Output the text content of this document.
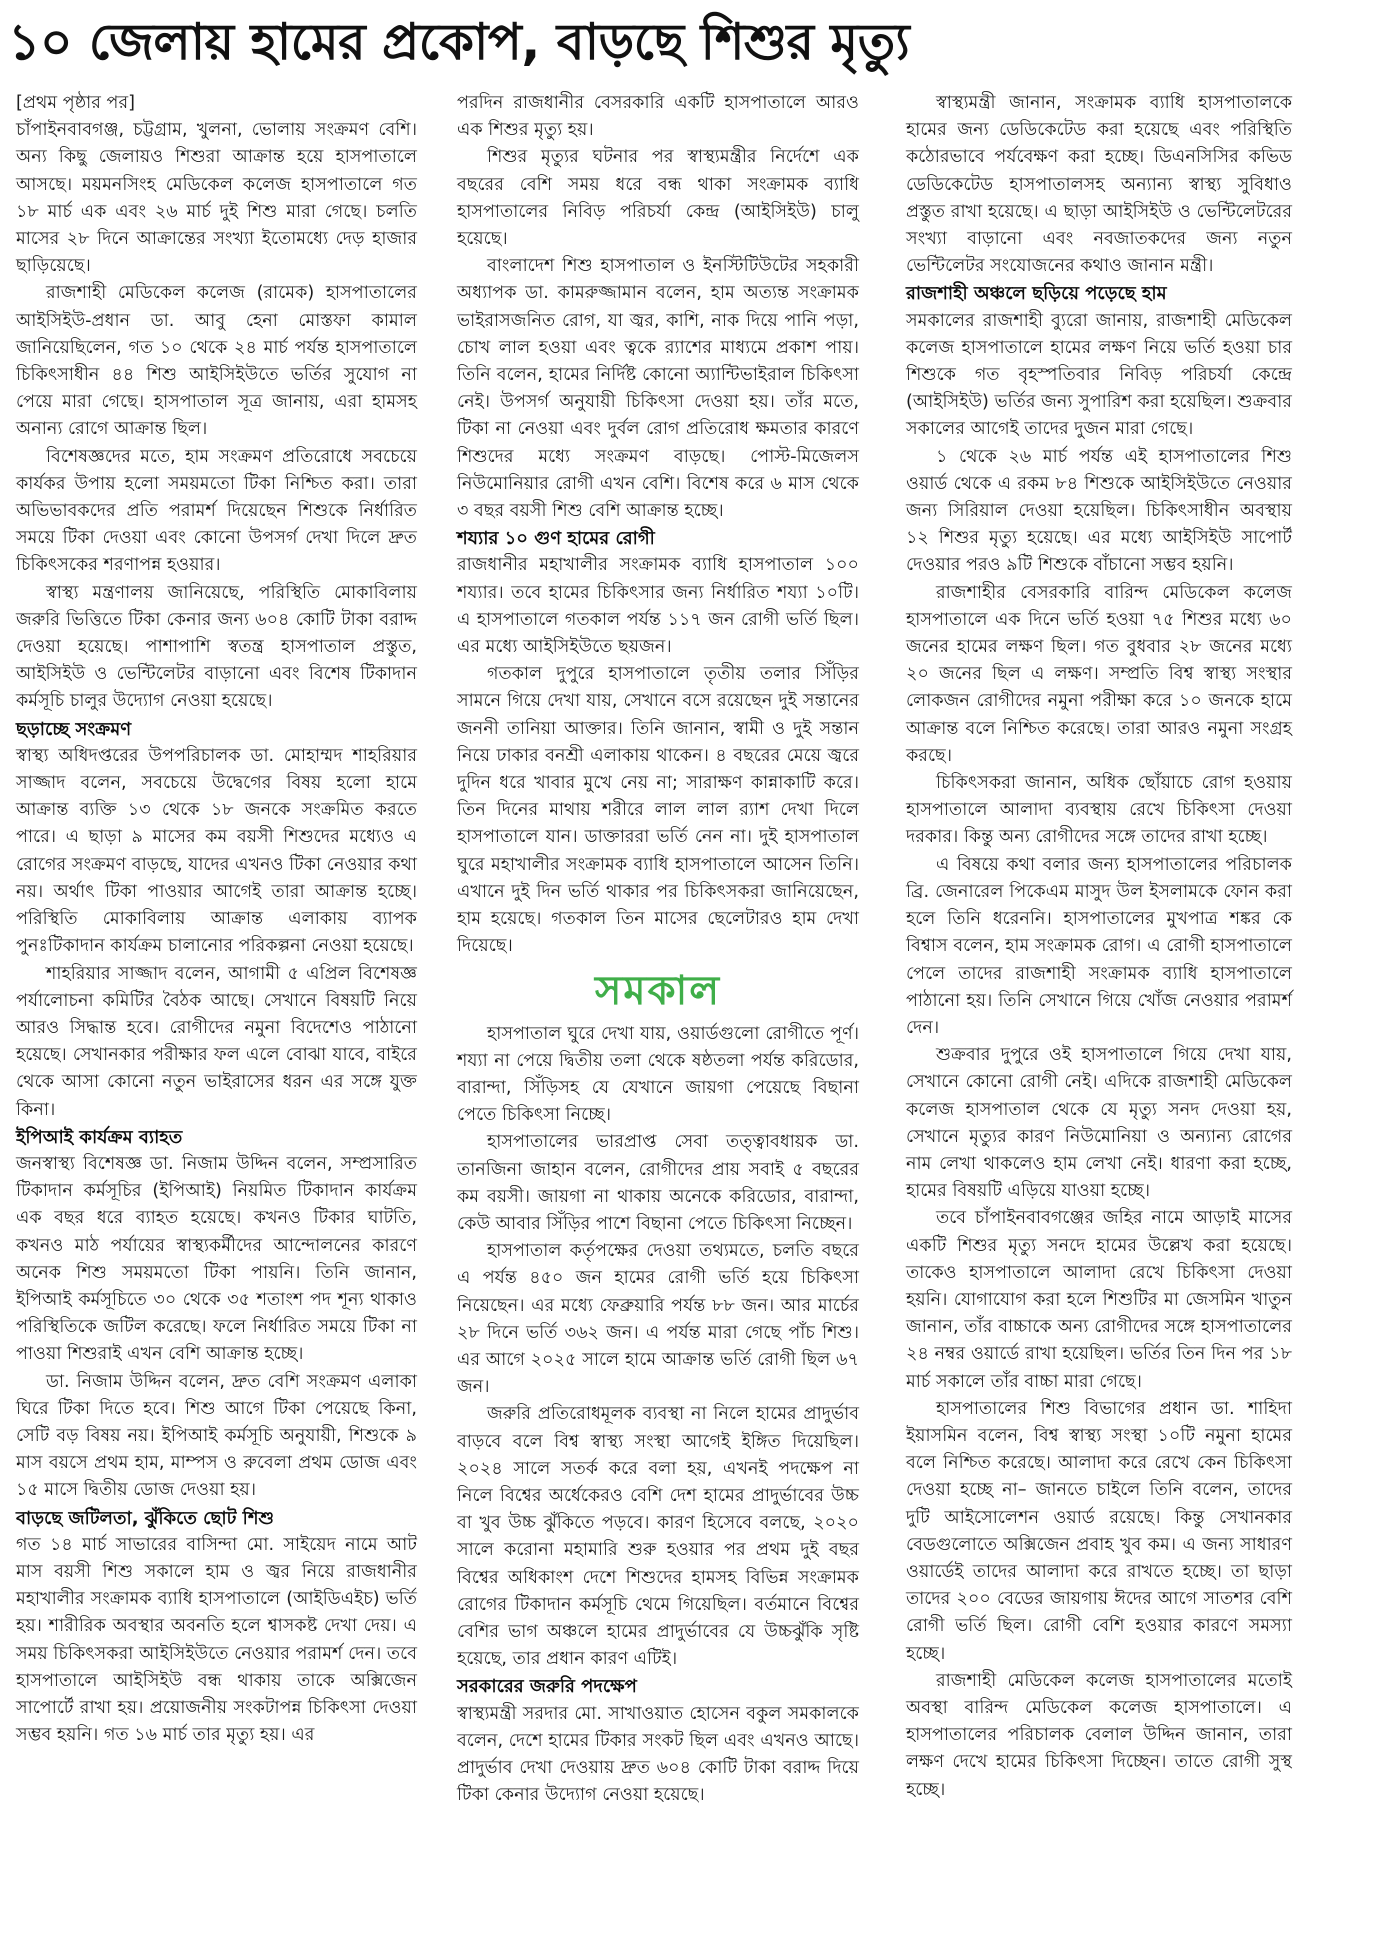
১০ জেলায় হামের প্রকোপ, বাড়ছে শিশুর মৃত্যু

[প্রথম পৃষ্ঠার পর]

চাঁপাইনবাবগঞ্জ, চট্টগ্রাম, খুলনা, ভোলায় সংক্রমণ বেশি। অন্য কিছু জেলায়ও শিশুরা আক্রান্ত হয়ে হাসপাতালে আসছে। ময়মনসিংহ মেডিকেল কলেজ হাসপাতালে গত ১৮ মার্চ এক এবং ২৬ মার্চ দুই শিশু মারা গেছে। চলতি মাসের ২৮ দিনে আক্রান্তের সংখ্যা ইতোমধ্যে দেড় হাজার ছাড়িয়েছে।

রাজশাহী মেডিকেল কলেজ (রামেক) হাসপাতালের আইসিইউ-প্রধান ডা. আবু হেনা মোস্তফা কামাল জানিয়েছিলেন, গত ১০ থেকে ২৪ মার্চ পর্যন্ত হাসপাতালে চিকিৎসাধীন ৪৪ শিশু আইসিইউতে ভর্তির সুযোগ না পেয়ে মারা গেছে। হাসপাতাল সূত্র জানায়, এরা হামসহ অনান্য রোগে আক্রান্ত ছিল।

বিশেষজ্ঞদের মতে, হাম সংক্রমণ প্রতিরোধে সবচেয়ে কার্যকর উপায় হলো সময়মতো টিকা নিশ্চিত করা। তারা অভিভাবকদের প্রতি পরামর্শ দিয়েছেন শিশুকে নির্ধারিত সময়ে টিকা দেওয়া এবং কোনো উপসর্গ দেখা দিলে দ্রুত চিকিৎসকের শরণাপন্ন হওয়ার।

স্বাস্থ্য মন্ত্রণালয় জানিয়েছে, পরিস্থিতি মোকাবিলায় জরুরি ভিত্তিতে টিকা কেনার জন্য ৬০৪ কোটি টাকা বরাদ্দ দেওয়া হয়েছে। পাশাপাশি স্বতন্ত্র হাসপাতাল প্রস্তুত, আইসিইউ ও ভেন্টিলেটর বাড়ানো এবং বিশেষ টিকাদান কর্মসূচি চালুর উদ্যোগ নেওয়া হয়েছে।

ছড়াচ্ছে সংক্রমণ

স্বাস্থ্য অধিদপ্তরের উপপরিচালক ডা. মোহাম্মদ শাহরিয়ার সাজ্জাদ বলেন, সবচেয়ে উদ্বেগের বিষয় হলো হামে আক্রান্ত ব্যক্তি ১৩ থেকে ১৮ জনকে সংক্রমিত করতে পারে। এ ছাড়া ৯ মাসের কম বয়সী শিশুদের মধ্যেও এ রোগের সংক্রমণ বাড়ছে, যাদের এখনও টিকা নেওয়ার কথা নয়। অর্থাৎ টিকা পাওয়ার আগেই তারা আক্রান্ত হচ্ছে। পরিস্থিতি মোকাবিলায় আক্রান্ত এলাকায় ব্যাপক পুনঃটিকাদান কার্যক্রম চালানোর পরিকল্পনা নেওয়া হয়েছে।

শাহরিয়ার সাজ্জাদ বলেন, আগামী ৫ এপ্রিল বিশেষজ্ঞ পর্যালোচনা কমিটির বৈঠক আছে। সেখানে বিষয়টি নিয়ে আরও সিদ্ধান্ত হবে। রোগীদের নমুনা বিদেশেও পাঠানো হয়েছে। সেখানকার পরীক্ষার ফল এলে বোঝা যাবে, বাইরে থেকে আসা কোনো নতুন ভাইরাসের ধরন এর সঙ্গে যুক্ত কিনা।

ইপিআই কার্যক্রম ব্যাহত

জনস্বাস্থ্য বিশেষজ্ঞ ডা. নিজাম উদ্দিন বলেন, সম্প্রসারিত টিকাদান কর্মসূচির (ইপিআই) নিয়মিত টিকাদান কার্যক্রম এক বছর ধরে ব্যাহত হয়েছে। কখনও টিকার ঘাটতি, কখনও মাঠ পর্যায়ের স্বাস্থ্যকর্মীদের আন্দোলনের কারণে অনেক শিশু সময়মতো টিকা পায়নি। তিনি জানান, ইপিআই কর্মসূচিতে ৩০ থেকে ৩৫ শতাংশ পদ শূন্য থাকাও পরিস্থিতিকে জটিল করেছে। ফলে নির্ধারিত সময়ে টিকা না পাওয়া শিশুরাই এখন বেশি আক্রান্ত হচ্ছে।

ডা. নিজাম উদ্দিন বলেন, দ্রুত বেশি সংক্রমণ এলাকা ঘিরে টিকা দিতে হবে। শিশু আগে টিকা পেয়েছে কিনা, সেটি বড় বিষয় নয়। ইপিআই কর্মসূচি অনুযায়ী, শিশুকে ৯ মাস বয়সে প্রথম হাম, মাম্পস ও রুবেলা প্রথম ডোজ এবং ১৫ মাসে দ্বিতীয় ডোজ দেওয়া হয়।

বাড়ছে জটিলতা, ঝুঁকিতে ছোট শিশু

গত ১৪ মার্চ সাভারের বাসিন্দা মো. সাইয়েদ নামে আট মাস বয়সী শিশু সকালে হাম ও জ্বর নিয়ে রাজধানীর মহাখালীর সংক্রামক ব্যাধি হাসপাতালে (আইডিএইচ) ভর্তি হয়। শারীরিক অবস্থার অবনতি হলে শ্বাসকষ্ট দেখা দেয়। এ সময় চিকিৎসকরা আইসিইউতে নেওয়ার পরামর্শ দেন। তবে হাসপাতালে আইসিইউ বন্ধ থাকায় তাকে অক্সিজেন সাপোর্টে রাখা হয়। প্রয়োজনীয় সংকটাপন্ন চিকিৎসা দেওয়া সম্ভব হয়নি। গত ১৬ মার্চ তার মৃত্যু হয়। এর

পরদিন রাজধানীর বেসরকারি একটি হাসপাতালে আরও এক শিশুর মৃত্যু হয়।

শিশুর মৃত্যুর ঘটনার পর স্বাস্থ্যমন্ত্রীর নির্দেশে এক বছরের বেশি সময় ধরে বন্ধ থাকা সংক্রামক ব্যাধি হাসপাতালের নিবিড় পরিচর্যা কেন্দ্র (আইসিইউ) চালু হয়েছে।

বাংলাদেশ শিশু হাসপাতাল ও ইনস্টিটিউটের সহকারী অধ্যাপক ডা. কামরুজ্জামান বলেন, হাম অত্যন্ত সংক্রামক ভাইরাসজনিত রোগ, যা জ্বর, কাশি, নাক দিয়ে পানি পড়া, চোখ লাল হওয়া এবং ত্বকে র‍্যাশের মাধ্যমে প্রকাশ পায়। তিনি বলেন, হামের নির্দিষ্ট কোনো অ্যান্টিভাইরাল চিকিৎসা নেই। উপসর্গ অনুযায়ী চিকিৎসা দেওয়া হয়। তাঁর মতে, টিকা না নেওয়া এবং দুর্বল রোগ প্রতিরোধ ক্ষমতার কারণে শিশুদের মধ্যে সংক্রমণ বাড়ছে। পোস্ট-মিজেলস নিউমোনিয়ার রোগী এখন বেশি। বিশেষ করে ৬ মাস থেকে ৩ বছর বয়সী শিশু বেশি আক্রান্ত হচ্ছে।

শয্যার ১০ গুণ হামের রোগী

রাজধানীর মহাখালীর সংক্রামক ব্যাধি হাসপাতাল ১০০ শয্যার। তবে হামের চিকিৎসার জন্য নির্ধারিত শয্যা ১০টি। এ হাসপাতালে গতকাল পর্যন্ত ১১৭ জন রোগী ভর্তি ছিল। এর মধ্যে আইসিইউতে ছয়জন।

গতকাল দুপুরে হাসপাতালে তৃতীয় তলার সিঁড়ির সামনে গিয়ে দেখা যায়, সেখানে বসে রয়েছেন দুই সন্তানের জননী তানিয়া আক্তার। তিনি জানান, স্বামী ও দুই সন্তান নিয়ে ঢাকার বনশ্রী এলাকায় থাকেন। ৪ বছরের মেয়ে জ্বরে দুদিন ধরে খাবার মুখে নেয় না; সারাক্ষণ কান্নাকাটি করে। তিন দিনের মাথায় শরীরে লাল লাল র‍্যাশ দেখা দিলে হাসপাতালে যান। ডাক্তাররা ভর্তি নেন না। দুই হাসপাতাল ঘুরে মহাখালীর সংক্রামক ব্যাধি হাসপাতালে আসেন তিনি। এখানে দুই দিন ভর্তি থাকার পর চিকিৎসকরা জানিয়েছেন, হাম হয়েছে। গতকাল তিন মাসের ছেলেটারও হাম দেখা দিয়েছে।

সমকাল

হাসপাতাল ঘুরে দেখা যায়, ওয়ার্ডগুলো রোগীতে পূর্ণ। শয্যা না পেয়ে দ্বিতীয় তলা থেকে ষষ্ঠতলা পর্যন্ত করিডোর, বারান্দা, সিঁড়িসহ যে যেখানে জায়গা পেয়েছে বিছানা পেতে চিকিৎসা নিচ্ছে।

হাসপাতালের ভারপ্রাপ্ত সেবা তত্ত্বাবধায়ক ডা. তানজিনা জাহান বলেন, রোগীদের প্রায় সবাই ৫ বছরের কম বয়সী। জায়গা না থাকায় অনেকে করিডোর, বারান্দা, কেউ আবার সিঁড়ির পাশে বিছানা পেতে চিকিৎসা নিচ্ছেন।

হাসপাতাল কর্তৃপক্ষের দেওয়া তথ্যমতে, চলতি বছরে এ পর্যন্ত ৪৫০ জন হামের রোগী ভর্তি হয়ে চিকিৎসা নিয়েছেন। এর মধ্যে ফেব্রুয়ারি পর্যন্ত ৮৮ জন। আর মার্চের ২৮ দিনে ভর্তি ৩৬২ জন। এ পর্যন্ত মারা গেছে পাঁচ শিশু। এর আগে ২০২৫ সালে হামে আক্রান্ত ভর্তি রোগী ছিল ৬৭ জন।

জরুরি প্রতিরোধমূলক ব্যবস্থা না নিলে হামের প্রাদুর্ভাব বাড়বে বলে বিশ্ব স্বাস্থ্য সংস্থা আগেই ইঙ্গিত দিয়েছিল। ২০২৪ সালে সতর্ক করে বলা হয়, এখনই পদক্ষেপ না নিলে বিশ্বের অর্ধেকেরও বেশি দেশ হামের প্রাদুর্ভাবের উচ্চ বা খুব উচ্চ ঝুঁকিতে পড়বে। কারণ হিসেবে বলছে, ২০২০ সালে করোনা মহামারি শুরু হওয়ার পর প্রথম দুই বছর বিশ্বের অধিকাংশ দেশে শিশুদের হামসহ বিভিন্ন সংক্রামক রোগের টিকাদান কর্মসূচি থেমে গিয়েছিল। বর্তমানে বিশ্বের বেশির ভাগ অঞ্চলে হামের প্রাদুর্ভাবের যে উচ্চঝুঁকি সৃষ্টি হয়েছে, তার প্রধান কারণ এটিই।

সরকারের জরুরি পদক্ষেপ

স্বাস্থ্যমন্ত্রী সরদার মো. সাখাওয়াত হোসেন বকুল সমকালকে বলেন, দেশে হামের টিকার সংকট ছিল এবং এখনও আছে। প্রাদুর্ভাব দেখা দেওয়ায় দ্রুত ৬০৪ কোটি টাকা বরাদ্দ দিয়ে টিকা কেনার উদ্যোগ নেওয়া হয়েছে।

স্বাস্থ্যমন্ত্রী জানান, সংক্রামক ব্যাধি হাসপাতালকে হামের জন্য ডেডিকেটেড করা হয়েছে এবং পরিস্থিতি কঠোরভাবে পর্যবেক্ষণ করা হচ্ছে। ডিএনসিসির কভিড ডেডিকেটেড হাসপাতালসহ অন্যান্য স্বাস্থ্য সুবিধাও প্রস্তুত রাখা হয়েছে। এ ছাড়া আইসিইউ ও ভেন্টিলেটরের সংখ্যা বাড়ানো এবং নবজাতকদের জন্য নতুন ভেন্টিলেটর সংযোজনের কথাও জানান মন্ত্রী।

রাজশাহী অঞ্চলে ছড়িয়ে পড়েছে হাম

সমকালের রাজশাহী ব্যুরো জানায়, রাজশাহী মেডিকেল কলেজ হাসপাতালে হামের লক্ষণ নিয়ে ভর্তি হওয়া চার শিশুকে গত বৃহস্পতিবার নিবিড় পরিচর্যা কেন্দ্রে (আইসিইউ) ভর্তির জন্য সুপারিশ করা হয়েছিল। শুক্রবার সকালের আগেই তাদের দুজন মারা গেছে।

১ থেকে ২৬ মার্চ পর্যন্ত এই হাসপাতালের শিশু ওয়ার্ড থেকে এ রকম ৮৪ শিশুকে আইসিইউতে নেওয়ার জন্য সিরিয়াল দেওয়া হয়েছিল। চিকিৎসাধীন অবস্থায় ১২ শিশুর মৃত্যু হয়েছে। এর মধ্যে আইসিইউ সাপোর্ট দেওয়ার পরও ৯টি শিশুকে বাঁচানো সম্ভব হয়নি।

রাজশাহীর বেসরকারি বারিন্দ মেডিকেল কলেজ হাসপাতালে এক দিনে ভর্তি হওয়া ৭৫ শিশুর মধ্যে ৬০ জনের হামের লক্ষণ ছিল। গত বুধবার ২৮ জনের মধ্যে ২০ জনের ছিল এ লক্ষণ। সম্প্রতি বিশ্ব স্বাস্থ্য সংস্থার লোকজন রোগীদের নমুনা পরীক্ষা করে ১০ জনকে হামে আক্রান্ত বলে নিশ্চিত করেছে। তারা আরও নমুনা সংগ্রহ করছে।

চিকিৎসকরা জানান, অধিক ছোঁয়াচে রোগ হওয়ায় হাসপাতালে আলাদা ব্যবস্থায় রেখে চিকিৎসা দেওয়া দরকার। কিন্তু অন্য রোগীদের সঙ্গে তাদের রাখা হচ্ছে।

এ বিষয়ে কথা বলার জন্য হাসপাতালের পরিচালক ব্রি. জেনারেল পিকেএম মাসুদ উল ইসলামকে ফোন করা হলে তিনি ধরেননি। হাসপাতালের মুখপাত্র শঙ্কর কে বিশ্বাস বলেন, হাম সংক্রামক রোগ। এ রোগী হাসপাতালে পেলে তাদের রাজশাহী সংক্রামক ব্যাধি হাসপাতালে পাঠানো হয়। তিনি সেখানে গিয়ে খোঁজ নেওয়ার পরামর্শ দেন।

শুক্রবার দুপুরে ওই হাসপাতালে গিয়ে দেখা যায়, সেখানে কোনো রোগী নেই। এদিকে রাজশাহী মেডিকেল কলেজ হাসপাতাল থেকে যে মৃত্যু সনদ দেওয়া হয়, সেখানে মৃত্যুর কারণ নিউমোনিয়া ও অন্যান্য রোগের নাম লেখা থাকলেও হাম লেখা নেই। ধারণা করা হচ্ছে, হামের বিষয়টি এড়িয়ে যাওয়া হচ্ছে।

তবে চাঁপাইনবাবগঞ্জের জহির নামে আড়াই মাসের একটি শিশুর মৃত্যু সনদে হামের উল্লেখ করা হয়েছে। তাকেও হাসপাতালে আলাদা রেখে চিকিৎসা দেওয়া হয়নি। যোগাযোগ করা হলে শিশুটির মা জেসমিন খাতুন জানান, তাঁর বাচ্চাকে অন্য রোগীদের সঙ্গে হাসপাতালের ২৪ নম্বর ওয়ার্ডে রাখা হয়েছিল। ভর্তির তিন দিন পর ১৮ মার্চ সকালে তাঁর বাচ্চা মারা গেছে।

হাসপাতালের শিশু বিভাগের প্রধান ডা. শাহিদা ইয়াসমিন বলেন, বিশ্ব স্বাস্থ্য সংস্থা ১০টি নমুনা হামের বলে নিশ্চিত করেছে। আলাদা করে রেখে কেন চিকিৎসা দেওয়া হচ্ছে না– জানতে চাইলে তিনি বলেন, তাদের দুটি আইসোলেশন ওয়ার্ড রয়েছে। কিন্তু সেখানকার বেডগুলোতে অক্সিজেন প্রবাহ খুব কম। এ জন্য সাধারণ ওয়ার্ডেই তাদের আলাদা করে রাখতে হচ্ছে। তা ছাড়া তাদের ২০০ বেডের জায়গায় ঈদের আগে সাতশর বেশি রোগী ভর্তি ছিল। রোগী বেশি হওয়ার কারণে সমস্যা হচ্ছে।

রাজশাহী মেডিকেল কলেজ হাসপাতালের মতোই অবস্থা বারিন্দ মেডিকেল কলেজ হাসপাতালে। এ হাসপাতালের পরিচালক বেলাল উদ্দিন জানান, তারা লক্ষণ দেখে হামের চিকিৎসা দিচ্ছেন। তাতে রোগী সুস্থ হচ্ছে।
